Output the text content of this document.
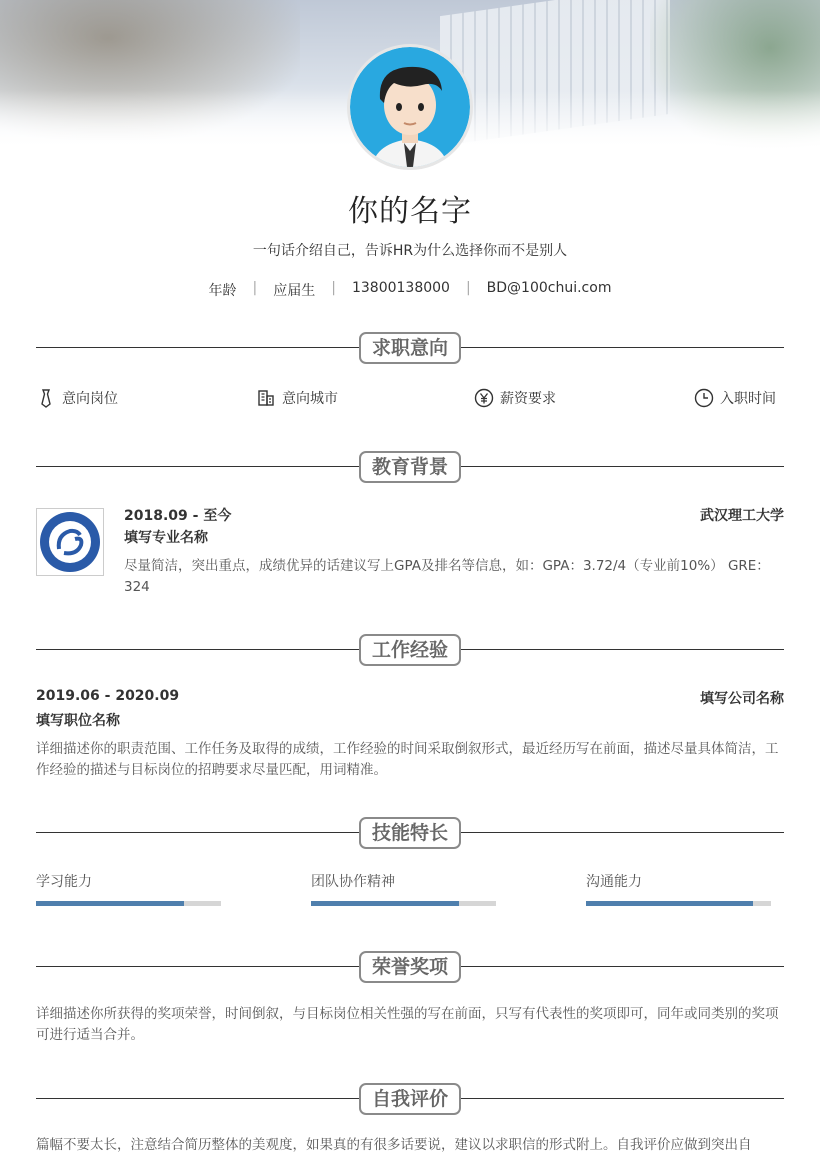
你的名字
一句话介绍自己，告诉HR为什么选择你而不是别人
年龄 | 应届生 | 13800138000 | BD@100chui.com
求职意向
意向岗位	意向城市	薪资要求	入职时间
教育背景
2018.09 - 至今	武汉理工大学
填写专业名称
尽量简洁，突出重点，成绩优异的话建议写上GPA及排名等信息，如：GPA：3.72/4（专业前10%） GRE：324
工作经验
2019.06 - 2020.09	填写公司名称
填写职位名称
详细描述你的职责范围、工作任务及取得的成绩，工作经验的时间采取倒叙形式，最近经历写在前面，描述尽量具体简洁，工作经验的描述与目标岗位的招聘要求尽量匹配，用词精准。
技能特长
学习能力	团队协作精神	沟通能力
荣誉奖项
详细描述你所获得的奖项荣誉，时间倒叙，与目标岗位相关性强的写在前面，只写有代表性的奖项即可，同年或同类别的奖项可进行适当合并。
自我评价
篇幅不要太长，注意结合简历整体的美观度，如果真的有很多话要说，建议以求职信的形式附上。自我评价应做到突出自
